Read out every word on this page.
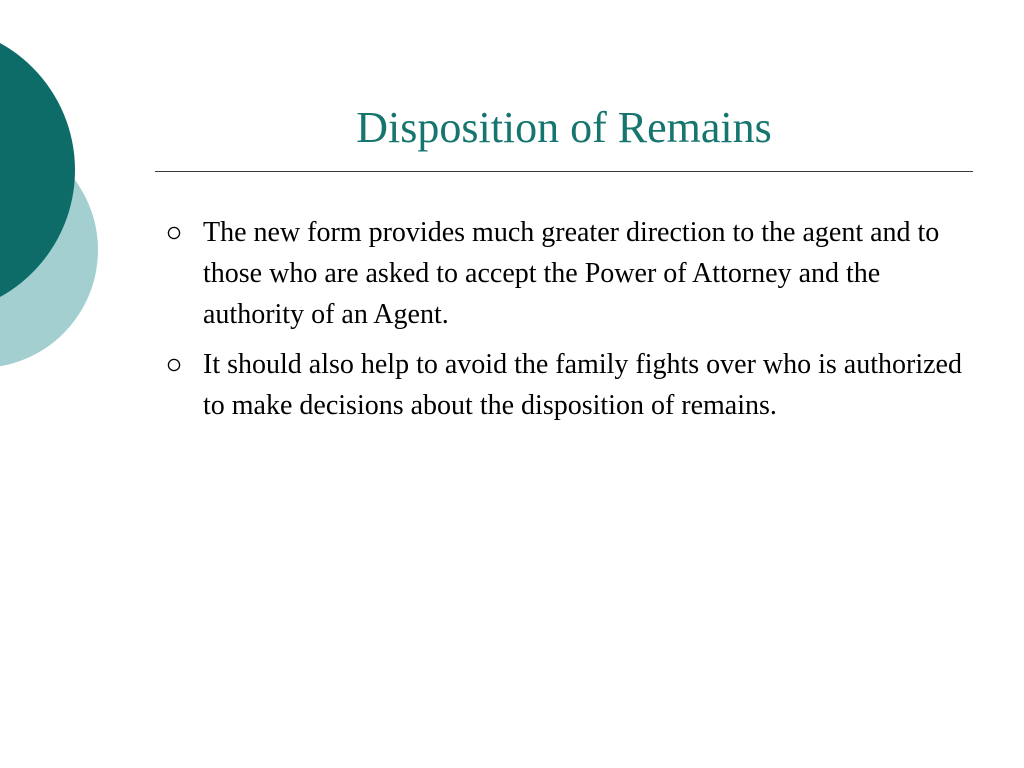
Disposition of Remains
The new form provides much greater direction to the agent and to those who are asked to accept the Power of Attorney and the authority of an Agent.
It should also help to avoid the family fights over who is authorized to make decisions about the disposition of remains.
